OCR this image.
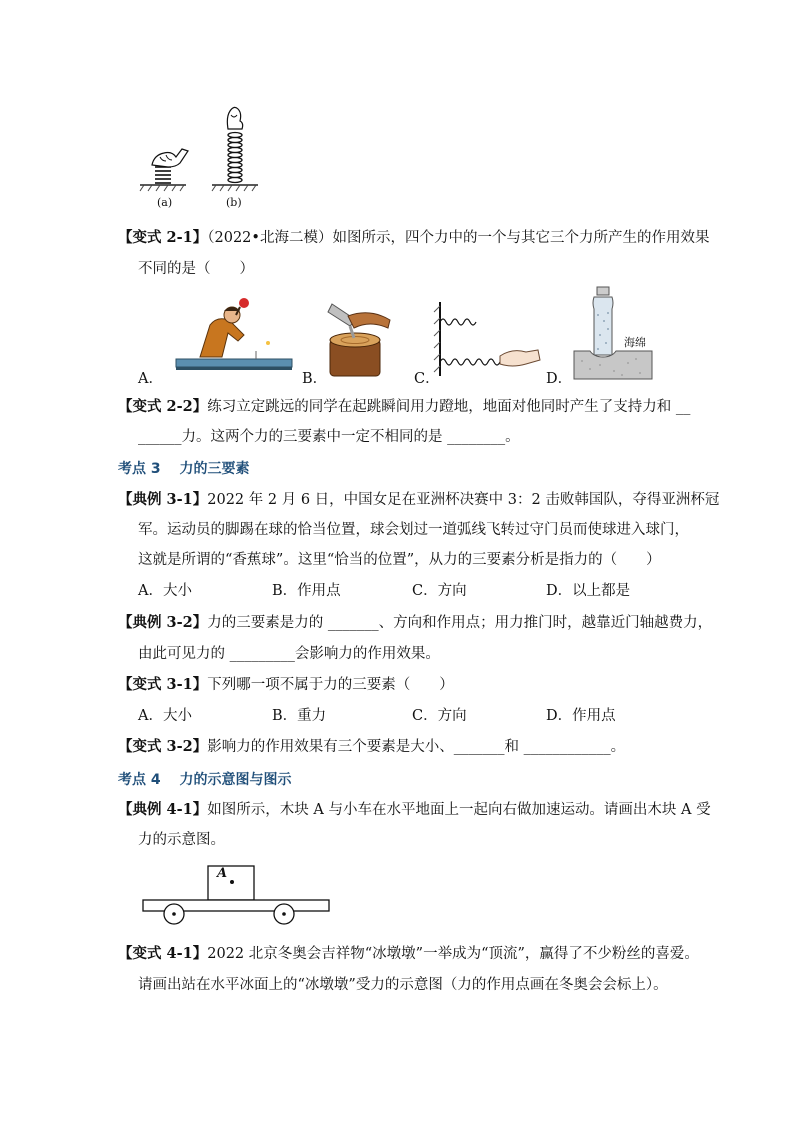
(a)	(b)
【变式 2-1】（2022•北海二模）如图所示，四个力中的一个与其它三个力所产生的作用效果
不同的是（　　）
A．	B．	C．	D．
海绵
【变式 2-2】练习立定跳远的同学在起跳瞬间用力蹬地，地面对他同时产生了支持力和 __
______力。这两个力的三要素中一定不相同的是 ________。
考点 3　 力的三要素
【典例 3-1】2022 年 2 月 6 日，中国女足在亚洲杯决赛中 3：2 击败韩国队，夺得亚洲杯冠
军。运动员的脚踢在球的恰当位置，球会划过一道弧线飞转过守门员而使球进入球门，
这就是所谓的“香蕉球”。这里“恰当的位置”，从力的三要素分析是指力的（　　）
A．大小	B．作用点	C．方向	D．以上都是
【典例 3-2】力的三要素是力的 _______、方向和作用点；用力推门时，越靠近门轴越费力，
由此可见力的 _________会影响力的作用效果。
【变式 3-1】下列哪一项不属于力的三要素（　　）
A．大小	B．重力	C．方向	D．作用点
【变式 3-2】影响力的作用效果有三个要素是大小、_______和 ____________。
考点 4　 力的示意图与图示
【典例 4-1】如图所示，木块 A 与小车在水平地面上一起向右做加速运动。请画出木块 A 受
力的示意图。
A
【变式 4-1】2022 北京冬奥会吉祥物“冰墩墩”一举成为“顶流”，赢得了不少粉丝的喜爱。
请画出站在水平冰面上的“冰墩墩”受力的示意图（力的作用点画在冬奥会会标上）。
